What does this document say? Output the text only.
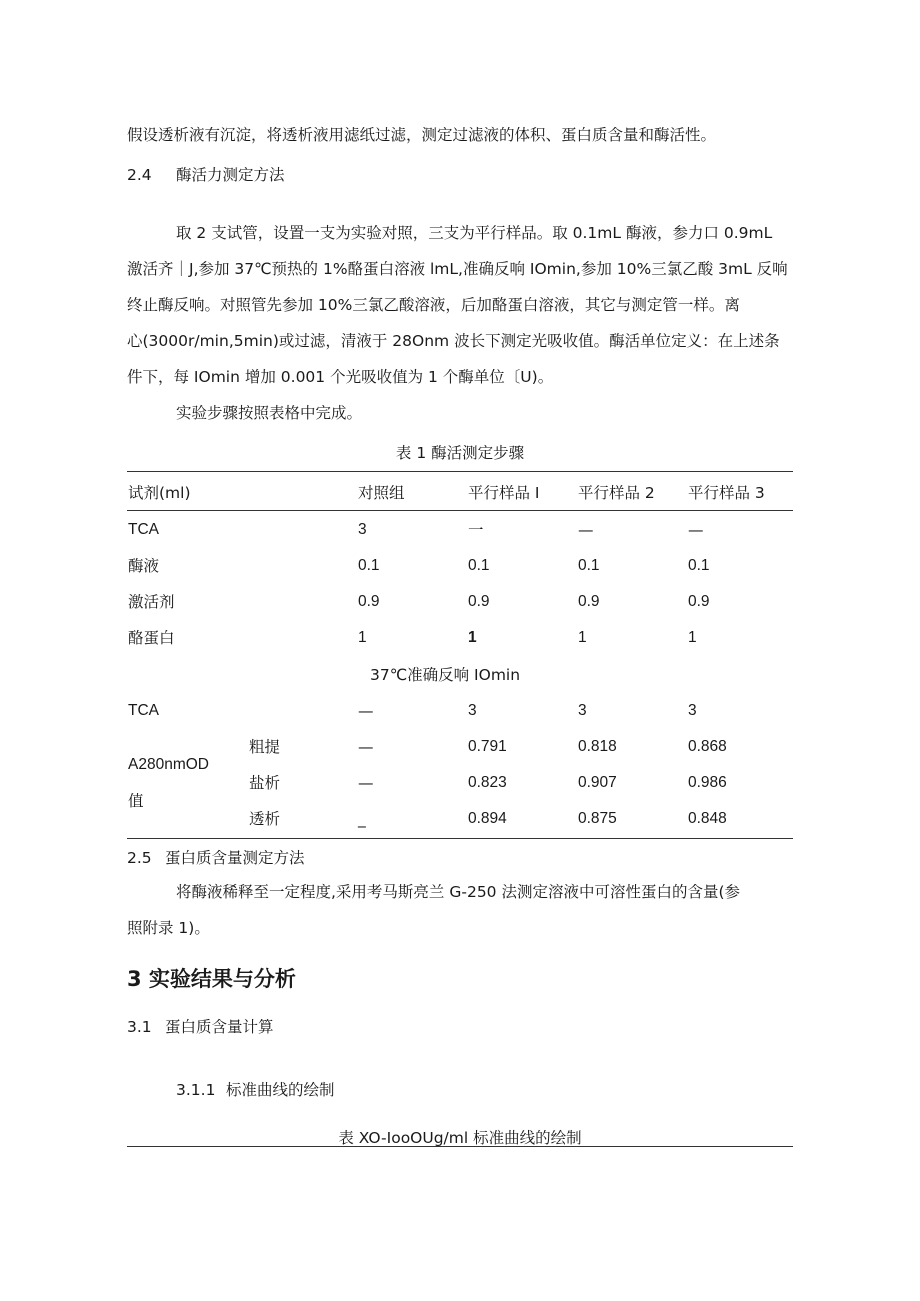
假设透析液有沉淀，将透析液用滤纸过滤，测定过滤液的体积、蛋白质含量和酶活性。
2.4 酶活力测定方法
取 2 支试管，设置一支为实验对照，三支为平行样品。取 0.1mL 酶液，参力口 0.9mL
激活齐｜J,参加 37℃预热的 1%酪蛋白溶液 lmL,准确反响 IOmin,参加 10%三氯乙酸 3mL 反响
终止酶反响。对照管先参加 10%三氯乙酸溶液，后加酪蛋白溶液，其它与测定管一样。离
心(3000r/min,5min)或过滤，清液于 28Onm 波长下测定光吸收值。酶活单位定义：在上述条
件下，每 IOmin 增加 0.001 个光吸收值为 1 个酶单位〔U)。
实验步骤按照表格中完成。
表 1 酶活测定步骤
试剂(ml)	对照组	平行样品 I 平行样品 2 平行样品 3
TCA	3	一	—	—
酶液	0.1	0.1	0.1	0.1
激活剂	0.9	0.9	0.9	0.9
酪蛋白	1	1	1	1
37℃准确反响 IOmin
TCA	—	3	3	3
A280nmOD
值
粗提	—	0.791	0.818	0.868
盐析	—	0.823	0.907	0.986
透析	_	0.894	0.875	0.848
2.5 蛋白质含量测定方法
将酶液稀释至一定程度,采用考马斯亮兰 G-250 法测定溶液中可溶性蛋白的含量(参
照附录 1)。
3 实验结果与分析
3.1 蛋白质含量计算
3.1.1 标准曲线的绘制
表 XO-IooOUg/ml 标准曲线的绘制
